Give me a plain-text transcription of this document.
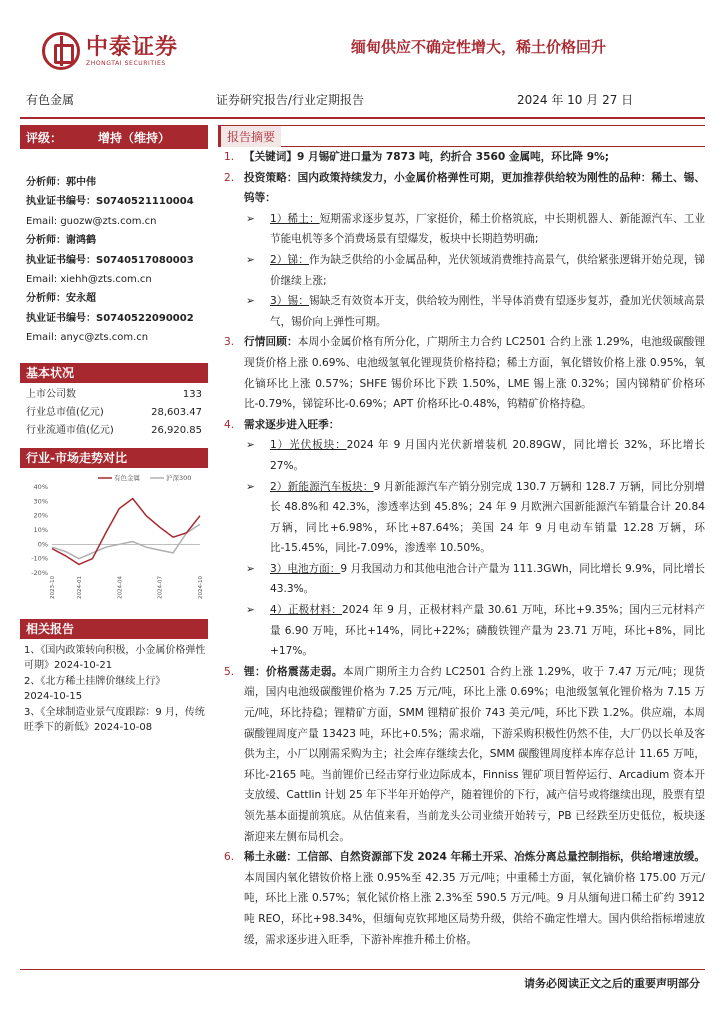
中泰证券
ZHONGTAI SECURITIES
缅甸供应不确定性增大，稀土价格回升
有色金属	证券研究报告/行业定期报告	2024 年 10 月 27 日
评级：	增持（维持）
分析师：郭中伟
执业证书编号：S0740521110004
Email: guozw@zts.com.cn
分析师：谢鸿鹤
执业证书编号：S0740517080003
Email: xiehh@zts.com.cn
分析师：安永超
执业证书编号：S0740522090002
Email: anyc@zts.com.cn
基本状况
上市公司数	133
行业总市值(亿元)	28,603.47
行业流通市值(亿元)	26,920.85
行业-市场走势对比
40%
30%
20%
10%
0%
-10%
-20%
有色金属	沪深300
2023-10	2024-01	2024-04	2024-07	2024-10
相关报告
1、《国内政策转向积极，小金属价格弹性可期》2024-10-21
2、《北方稀土挂牌价继续上行》
2024-10-15
3、《全球制造业景气度跟踪：9 月，传统旺季下的新低》2024-10-08
报告摘要
1. 【关键词】9 月锡矿进口量为 7873 吨，约折合 3560 金属吨，环比降 9%;
2. 投资策略：国内政策持续发力，小金属价格弹性可期，更加推荐供给较为刚性的品种：稀土、锡、钨等：
➢	1）稀土：短期需求逐步复苏，厂家挺价，稀土价格筑底，中长期机器人、新能源汽车、工业节能电机等多个消费场景有望爆发，板块中长期趋势明确;
➢	2）锑：作为缺乏供给的小金属品种，光伏领域消费维持高景气，供给紧张逻辑开始兑现，锑价继续上涨;
➢	3）锡：锡缺乏有效资本开支，供给较为刚性，半导体消费有望逐步复苏，叠加光伏领域高景气，锡价向上弹性可期。
3. 行情回顾：本周小金属价格有所分化，广期所主力合约 LC2501 合约上涨 1.29%，电池级碳酸锂现货价格上涨 0.69%、电池级氢氧化锂现货价格持稳；稀土方面，氧化镨钕价格上涨 0.95%，氧化镝环比上涨 0.57%；SHFE 锡价环比下跌 1.50%，LME 锡上涨 0.32%；国内锑精矿价格环比-0.79%，锑锭环比-0.69%；APT 价格环比-0.48%，钨精矿价格持稳。
4. 需求逐步进入旺季：
➢	1）光伏板块：2024 年 9 月国内光伏新增装机 20.89GW，同比增长 32%，环比增长 27%。
➢	2）新能源汽车板块：9 月新能源汽车产销分别完成 130.7 万辆和 128.7 万辆，同比分别增长 48.8%和 42.3%，渗透率达到 45.8%；24 年 9 月欧洲六国新能源汽车销量合计 20.84 万辆，同比+6.98%，环比+87.64%；美国 24 年 9 月电动车销量 12.28 万辆，环比-15.45%，同比-7.09%，渗透率 10.50%。
➢	3）电池方面：9 月我国动力和其他电池合计产量为 111.3GWh，同比增长 9.9%，同比增长 43.3%。
➢	4）正极材料：2024 年 9 月，正极材料产量 30.61 万吨，环比+9.35%；国内三元材料产量 6.90 万吨，环比+14%，同比+22%；磷酸铁锂产量为 23.71 万吨，环比+8%，同比+17%。
5. 锂：价格震荡走弱。本周广期所主力合约 LC2501 合约上涨 1.29%，收于 7.47 万元/吨；现货端，国内电池级碳酸锂价格为 7.25 万元/吨，环比上涨 0.69%；电池级氢氧化锂价格为 7.15 万元/吨，环比持稳；锂精矿方面，SMM 锂精矿报价 743 美元/吨，环比下跌 1.2%。供应端，本周碳酸锂周度产量 13423 吨，环比+0.5%；需求端，下游采购积极性仍然不佳，大厂仍以长单及客供为主，小厂以刚需采购为主；社会库存继续去化，SMM 碳酸锂周度样本库存总计 11.65 万吨，环比-2165 吨。当前锂价已经击穿行业边际成本，Finniss 锂矿项目暂停运行、Arcadium 资本开支放缓、Cattlin 计划 25 年下半年开始停产，随着锂价的下行，减产信号或将继续出现，股票有望领先基本面提前筑底。从估值来看，当前龙头公司业绩开始转亏，PB 已经跌至历史低位，板块逐渐迎来左侧布局机会。
6. 稀土永磁：工信部、自然资源部下发 2024 年稀土开采、冶炼分离总量控制指标，供给增速放缓。本周国内氧化镨钕价格上涨 0.95%至 42.35 万元/吨；中重稀土方面，氧化镝价格 175.00 万元/吨，环比上涨 0.57%；氧化铽价格上涨 2.3%至 590.5 万元/吨。9 月从缅甸进口稀土矿约 3912 吨 REO，环比+98.34%，但缅甸克钦邦地区局势升级，供给不确定性增大。国内供给指标增速放缓，需求逐步进入旺季，下游补库推升稀土价格。
请务必阅读正文之后的重要声明部分
